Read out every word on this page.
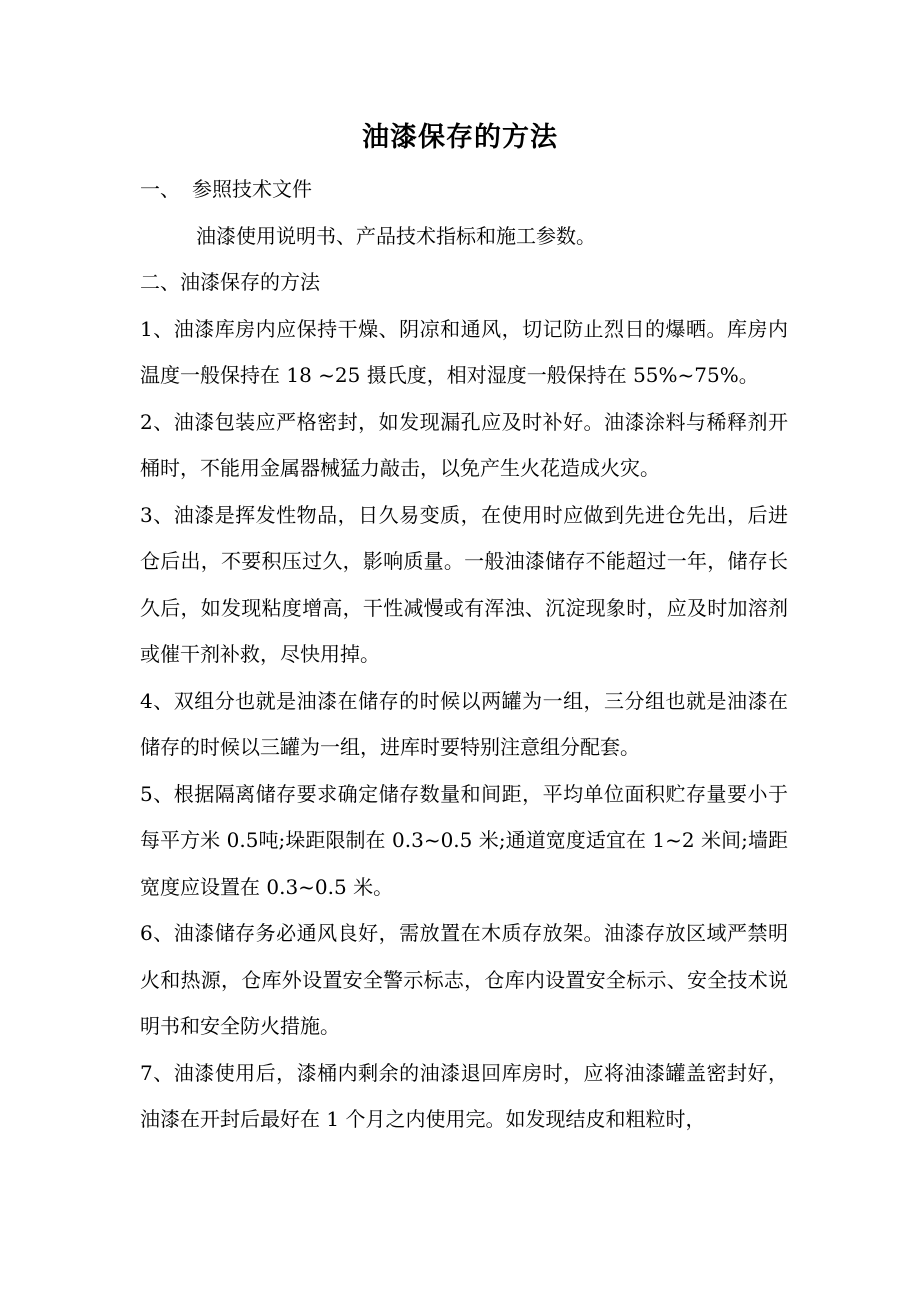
油漆保存的方法

一、 参照技术文件

油漆使用说明书、产品技术指标和施工参数。

二、油漆保存的方法

1、油漆库房内应保持干燥、阴凉和通风，切记防止烈日的爆晒。库房内温度一般保持在 18 ~25 摄氏度，相对湿度一般保持在 55%~75%。

2、油漆包装应严格密封，如发现漏孔应及时补好。油漆涂料与稀释剂开桶时，不能用金属器械猛力敲击，以免产生火花造成火灾。

3、油漆是挥发性物品，日久易变质，在使用时应做到先进仓先出，后进仓后出，不要积压过久，影响质量。一般油漆储存不能超过一年，储存长久后，如发现粘度增高，干性减慢或有浑浊、沉淀现象时，应及时加溶剂或催干剂补救，尽快用掉。

4、双组分也就是油漆在储存的时候以两罐为一组，三分组也就是油漆在储存的时候以三罐为一组，进库时要特别注意组分配套。

5、根据隔离储存要求确定储存数量和间距，平均单位面积贮存量要小于每平方米 0.5吨;垛距限制在 0.3~0.5 米;通道宽度适宜在 1~2 米间;墙距宽度应设置在 0.3~0.5 米。

6、油漆储存务必通风良好，需放置在木质存放架。油漆存放区域严禁明火和热源，仓库外设置安全警示标志，仓库内设置安全标示、安全技术说明书和安全防火措施。

7、油漆使用后，漆桶内剩余的油漆退回库房时，应将油漆罐盖密封好，油漆在开封后最好在 1 个月之内使用完。如发现结皮和粗粒时，
